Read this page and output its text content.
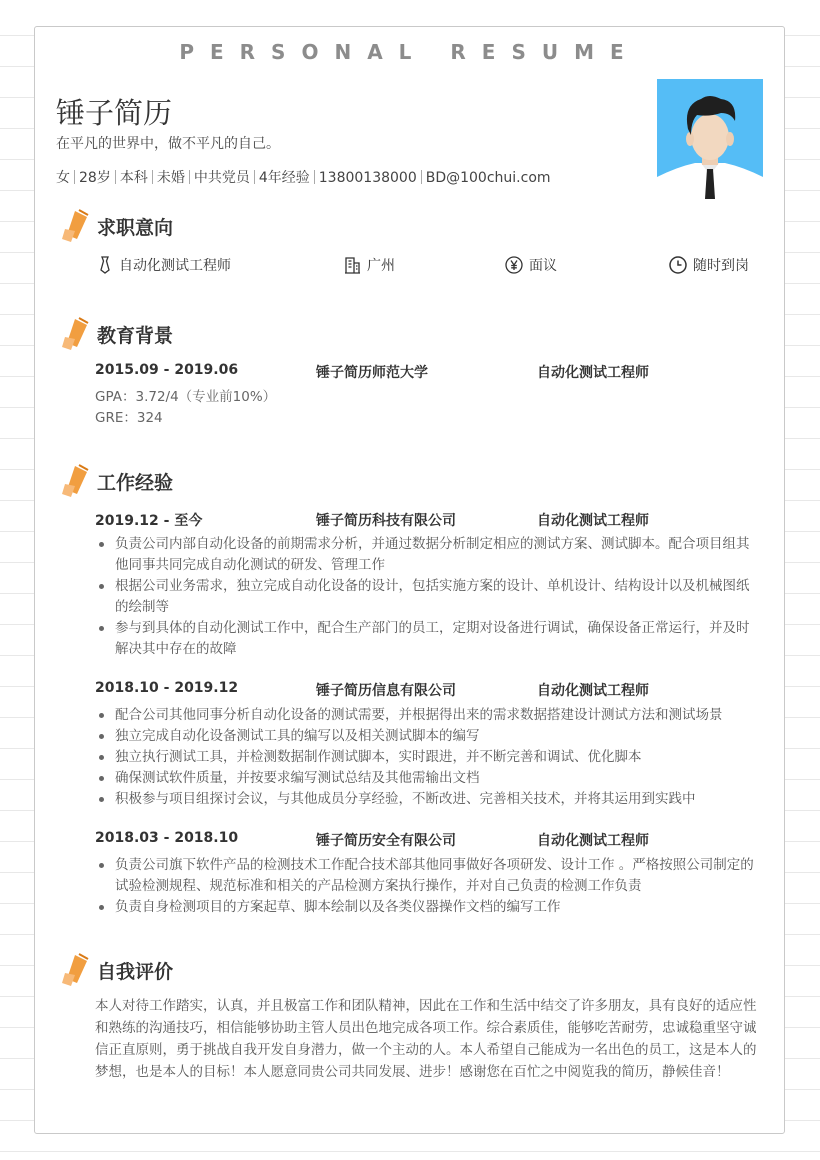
PERSONAL RESUME
锤子简历
在平凡的世界中，做不平凡的自己。
女 28岁 本科 未婚 中共党员 4年经验 13800138000 BD@100chui.com
求职意向
自动化测试工程师	广州	面议	随时到岗
教育背景
2015.09 - 2019.06	锤子简历师范大学	自动化测试工程师
GPA：3.72/4（专业前10%）
GRE：324
工作经验
2019.12 - 至今	锤子简历科技有限公司	自动化测试工程师
负责公司内部自动化设备的前期需求分析，并通过数据分析制定相应的测试方案、测试脚本。配合项目组其他同事共同完成自动化测试的研发、管理工作
根据公司业务需求，独立完成自动化设备的设计，包括实施方案的设计、单机设计、结构设计以及机械图纸的绘制等
参与到具体的自动化测试工作中，配合生产部门的员工，定期对设备进行调试，确保设备正常运行，并及时解决其中存在的故障
2018.10 - 2019.12	锤子简历信息有限公司	自动化测试工程师
配合公司其他同事分析自动化设备的测试需要，并根据得出来的需求数据搭建设计测试方法和测试场景
独立完成自动化设备测试工具的编写以及相关测试脚本的编写
独立执行测试工具，并检测数据制作测试脚本，实时跟进，并不断完善和调试、优化脚本
确保测试软件质量，并按要求编写测试总结及其他需输出文档
积极参与项目组探讨会议，与其他成员分享经验，不断改进、完善相关技术，并将其运用到实践中
2018.03 - 2018.10	锤子简历安全有限公司	自动化测试工程师
负责公司旗下软件产品的检测技术工作配合技术部其他同事做好各项研发、设计工作 。严格按照公司制定的试验检测规程、规范标准和相关的产品检测方案执行操作，并对自己负责的检测工作负责
负责自身检测项目的方案起草、脚本绘制以及各类仪器操作文档的编写工作
自我评价
本人对待工作踏实，认真，并且极富工作和团队精神，因此在工作和生活中结交了许多朋友，具有良好的适应性和熟练的沟通技巧，相信能够协助主管人员出色地完成各项工作。综合素质佳，能够吃苦耐劳，忠诚稳重坚守诚信正直原则，勇于挑战自我开发自身潜力，做一个主动的人。本人希望自己能成为一名出色的员工，这是本人的梦想，也是本人的目标！本人愿意同贵公司共同发展、进步！感谢您在百忙之中阅览我的简历，静候佳音！
